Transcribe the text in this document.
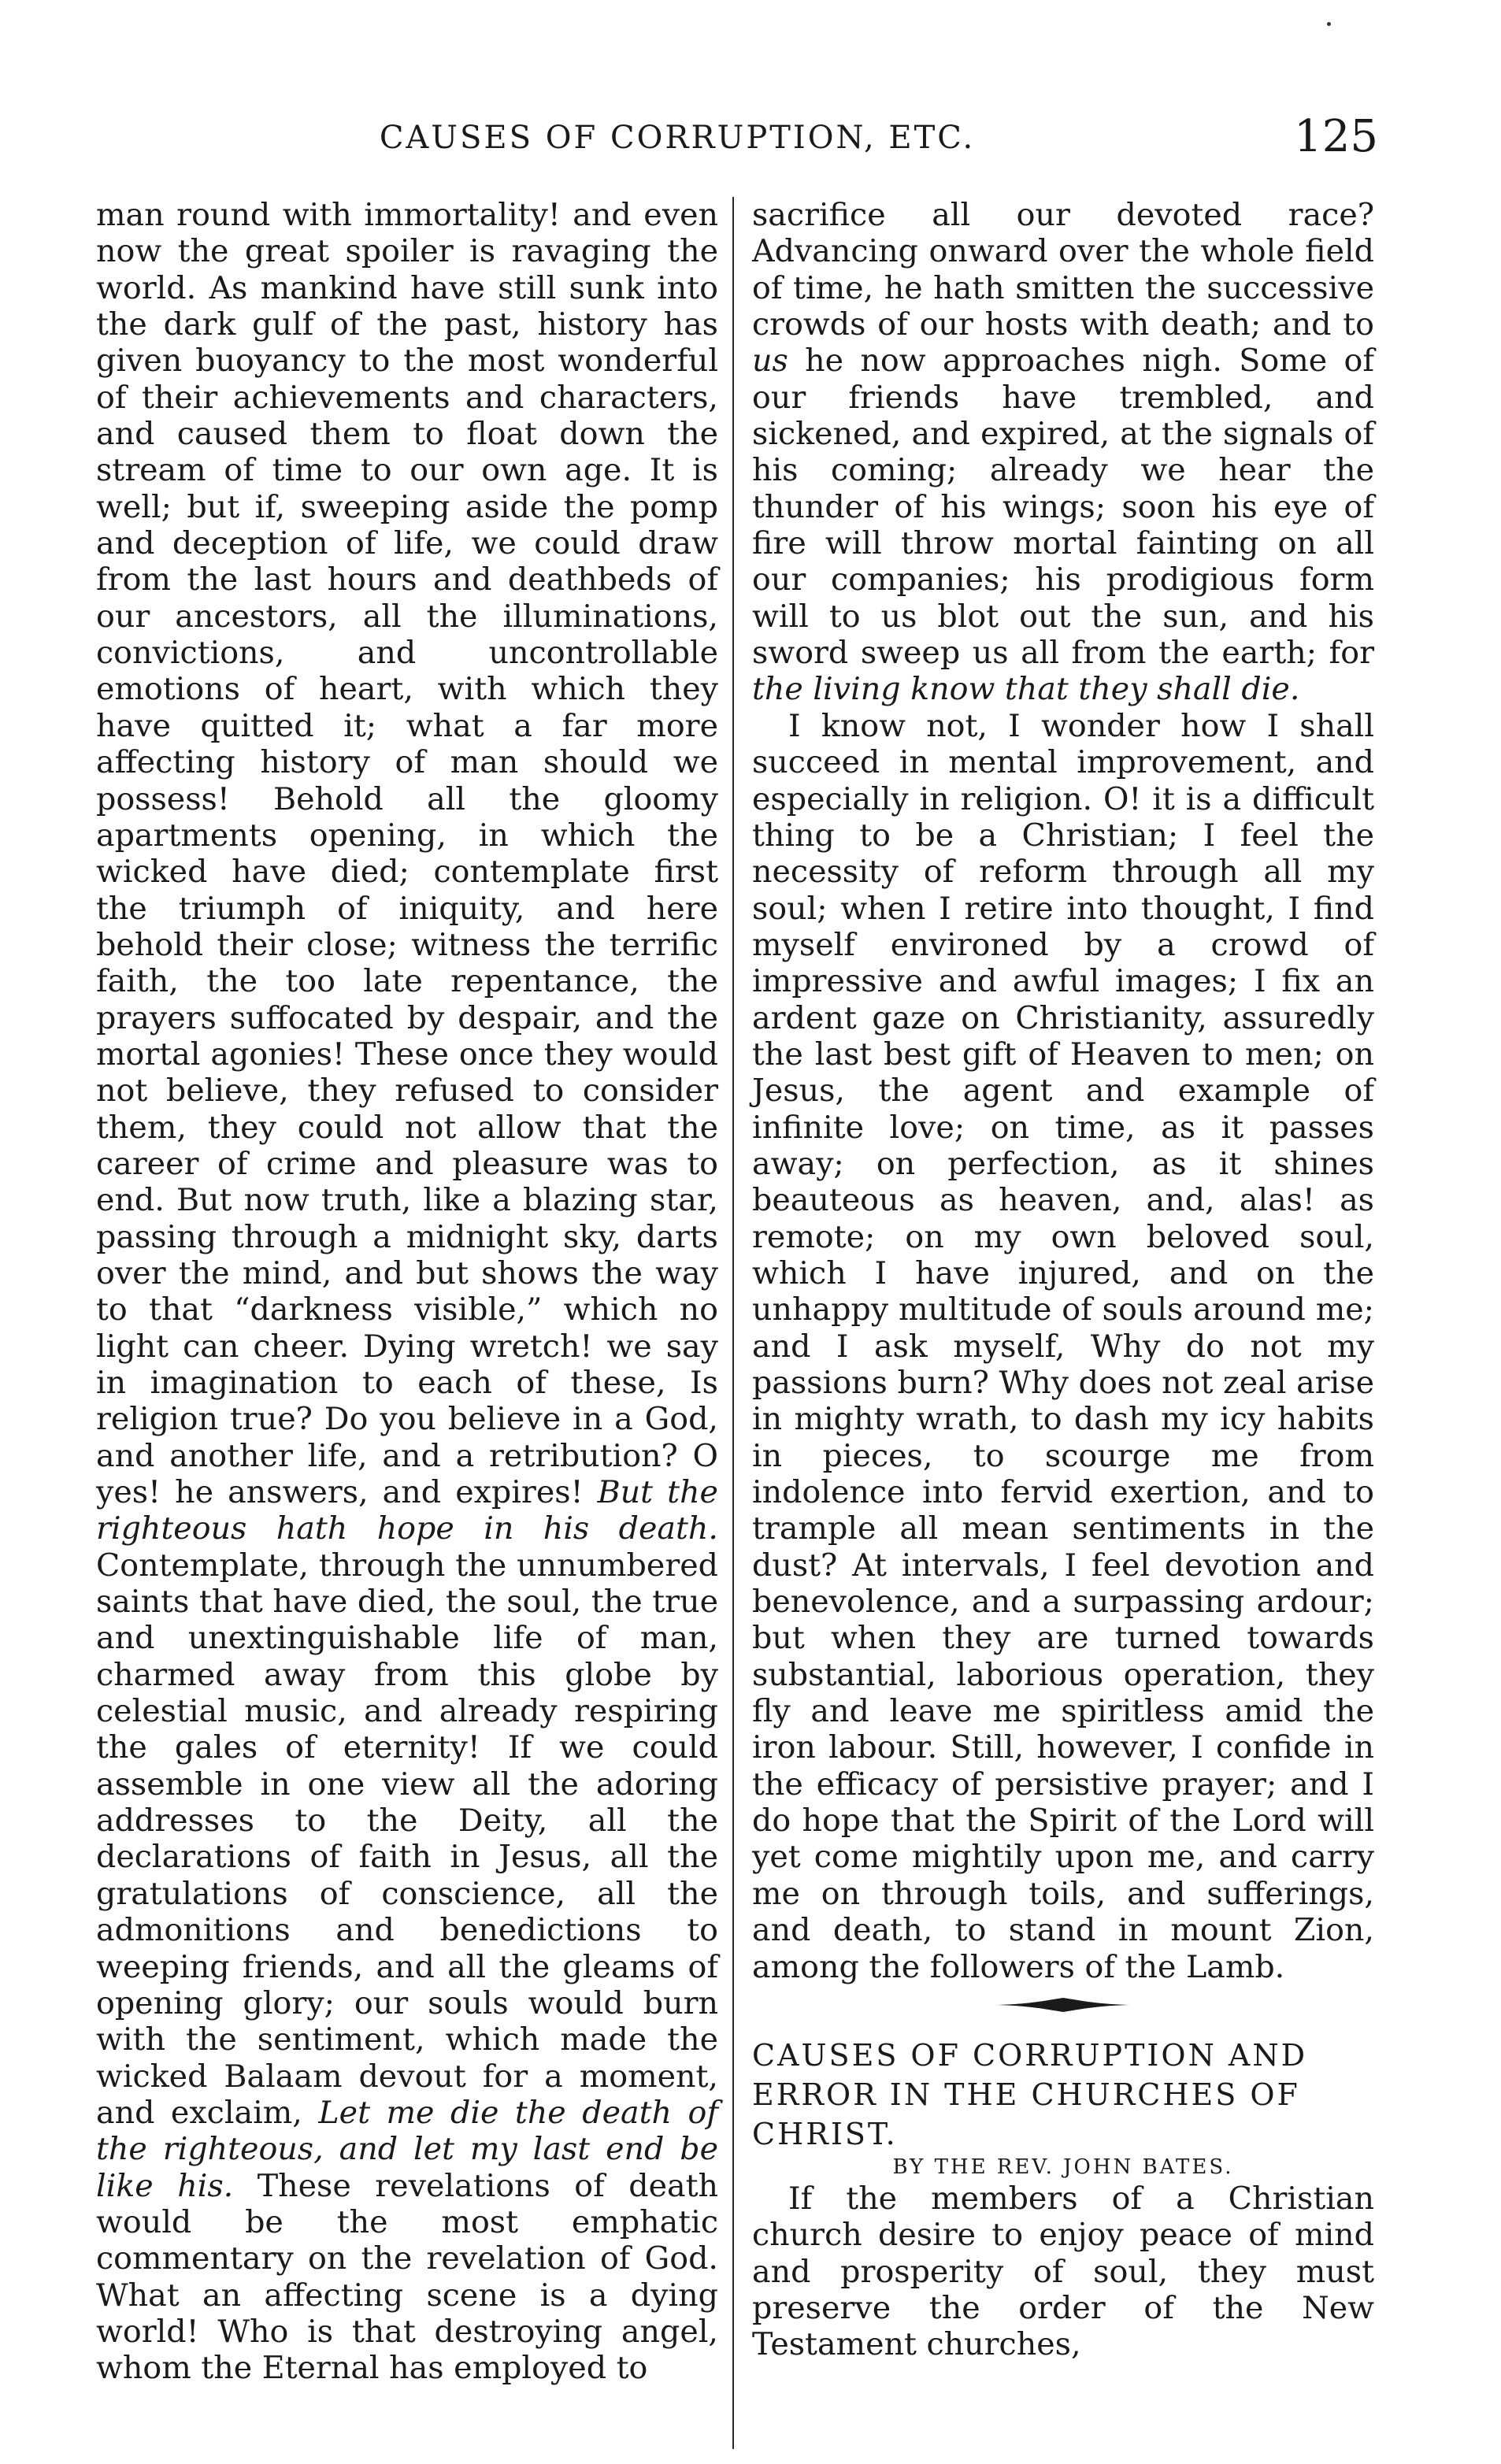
CAUSES OF CORRUPTION, ETC.	125

man round with immortality! and even now the great spoiler is ravaging the world. As mankind have still sunk into the dark gulf of the past, history has given buoyancy to the most wonderful of their achievements and characters, and caused them to float down the stream of time to our own age. It is well; but if, sweeping aside the pomp and deception of life, we could draw from the last hours and deathbeds of our ancestors, all the illuminations, convictions, and uncontrollable emotions of heart, with which they have quitted it; what a far more affecting history of man should we possess! Behold all the gloomy apartments opening, in which the wicked have died; contemplate first the triumph of iniquity, and here behold their close; witness the terrific faith, the too late repentance, the prayers suffocated by despair, and the mortal agonies! These once they would not believe, they refused to consider them, they could not allow that the career of crime and pleasure was to end. But now truth, like a blazing star, passing through a midnight sky, darts over the mind, and but shows the way to that “darkness visible,” which no light can cheer. Dying wretch! we say in imagination to each of these, Is religion true? Do you believe in a God, and another life, and a retribution? O yes! he answers, and expires! But the righteous hath hope in his death. Contemplate, through the unnumbered saints that have died, the soul, the true and unextinguishable life of man, charmed away from this globe by celestial music, and already respiring the gales of eternity! If we could assemble in one view all the adoring addresses to the Deity, all the declarations of faith in Jesus, all the gratulations of conscience, all the admonitions and benedictions to weeping friends, and all the gleams of opening glory; our souls would burn with the sentiment, which made the wicked Balaam devout for a moment, and exclaim, Let me die the death of the righteous, and let my last end be like his. These revelations of death would be the most emphatic commentary on the revelation of God. What an affecting scene is a dying world! Who is that destroying angel, whom the Eternal has employed to

sacrifice all our devoted race? Advancing onward over the whole field of time, he hath smitten the successive crowds of our hosts with death; and to us he now approaches nigh. Some of our friends have trembled, and sickened, and expired, at the signals of his coming; already we hear the thunder of his wings; soon his eye of fire will throw mortal fainting on all our companies; his prodigious form will to us blot out the sun, and his sword sweep us all from the earth; for the living know that they shall die.

I know not, I wonder how I shall succeed in mental improvement, and especially in religion. O! it is a difficult thing to be a Christian; I feel the necessity of reform through all my soul; when I retire into thought, I find myself environed by a crowd of impressive and awful images; I fix an ardent gaze on Christianity, assuredly the last best gift of Heaven to men; on Jesus, the agent and example of infinite love; on time, as it passes away; on perfection, as it shines beauteous as heaven, and, alas! as remote; on my own beloved soul, which I have injured, and on the unhappy multitude of souls around me; and I ask myself, Why do not my passions burn? Why does not zeal arise in mighty wrath, to dash my icy habits in pieces, to scourge me from indolence into fervid exertion, and to trample all mean sentiments in the dust? At intervals, I feel devotion and benevolence, and a surpassing ardour; but when they are turned towards substantial, laborious operation, they fly and leave me spiritless amid the iron labour. Still, however, I confide in the efficacy of persistive prayer; and I do hope that the Spirit of the Lord will yet come mightily upon me, and carry me on through toils, and sufferings, and death, to stand in mount Zion, among the followers of the Lamb.

CAUSES OF CORRUPTION AND ERROR IN THE CHURCHES OF CHRIST.

BY THE REV. JOHN BATES.

If the members of a Christian church desire to enjoy peace of mind and prosperity of soul, they must preserve the order of the New Testament churches,
